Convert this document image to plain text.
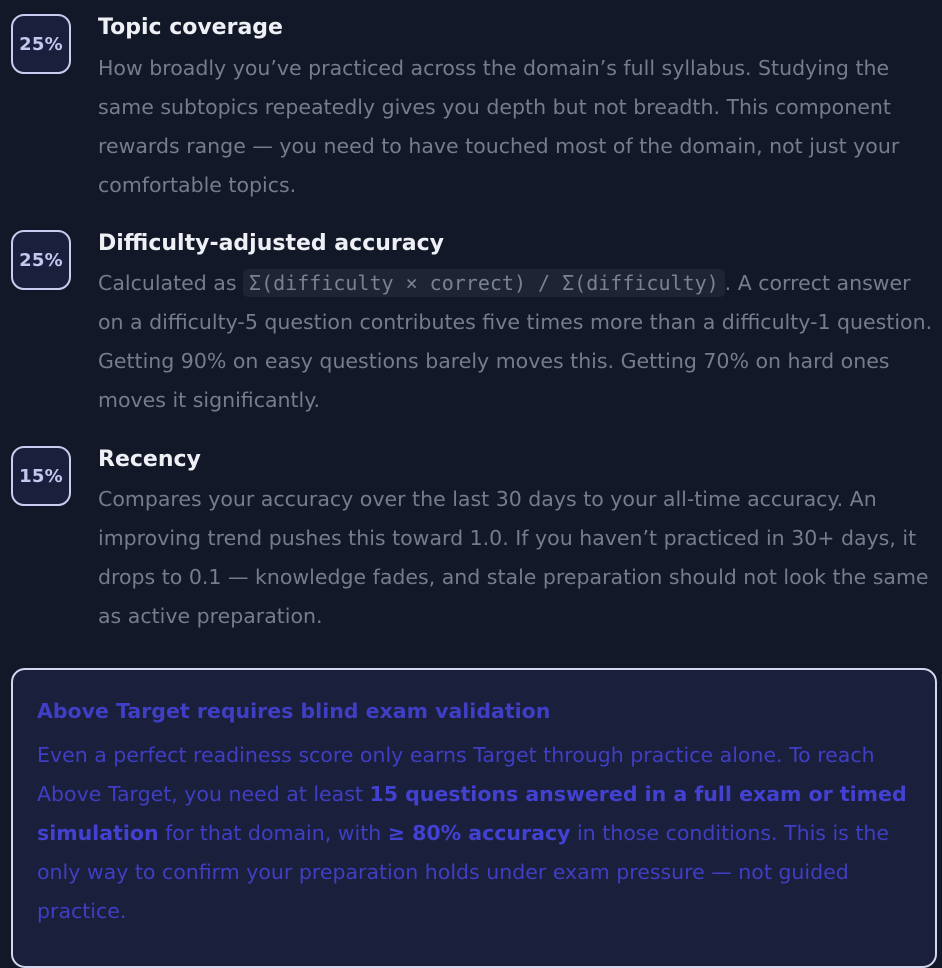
25%
Topic coverage

How broadly you’ve practiced across the domain’s full syllabus. Studying the same subtopics repeatedly gives you depth but not breadth. This component rewards range — you need to have touched most of the domain, not just your comfortable topics.

25%
Difficulty-adjusted accuracy

Calculated as Σ(difficulty × correct) / Σ(difficulty) . A correct answer on a difficulty-5 question contributes five times more than a difficulty-1 question. Getting 90% on easy questions barely moves this. Getting 70% on hard ones moves it significantly.

15%
Recency

Compares your accuracy over the last 30 days to your all-time accuracy. An improving trend pushes this toward 1.0. If you haven’t practiced in 30+ days, it drops to 0.1 — knowledge fades, and stale preparation should not look the same as active preparation.

Above Target requires blind exam validation

Even a perfect readiness score only earns Target through practice alone. To reach Above Target, you need at least 15 questions answered in a full exam or timed simulation for that domain, with ≥ 80% accuracy in those conditions. This is the only way to confirm your preparation holds under exam pressure — not guided practice.
